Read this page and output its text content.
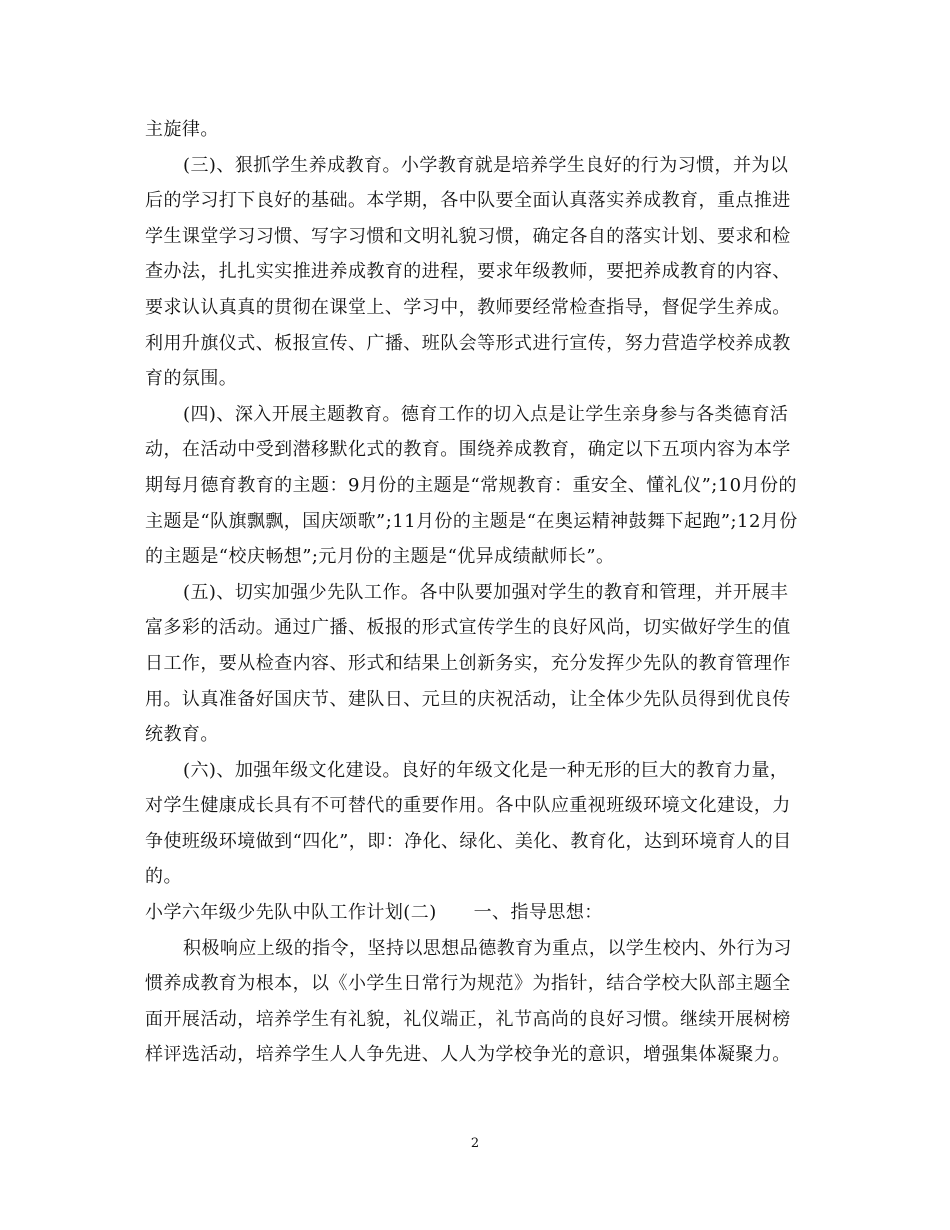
主旋律。
(三)、狠抓学生养成教育。小学教育就是培养学生良好的行为习惯，并为以
后的学习打下良好的基础。本学期，各中队要全面认真落实养成教育，重点推进
学生课堂学习习惯、写字习惯和文明礼貌习惯，确定各自的落实计划、要求和检
查办法，扎扎实实推进养成教育的进程，要求年级教师，要把养成教育的内容、
要求认认真真的贯彻在课堂上、学习中，教师要经常检查指导，督促学生养成。
利用升旗仪式、板报宣传、广播、班队会等形式进行宣传，努力营造学校养成教
育的氛围。
(四)、深入开展主题教育。德育工作的切入点是让学生亲身参与各类德育活
动，在活动中受到潜移默化式的教育。围绕养成教育，确定以下五项内容为本学
期每月德育教育的主题：9月份的主题是“常规教育：重安全、懂礼仪”;10月份的
主题是“队旗飘飘，国庆颂歌”;11月份的主题是“在奥运精神鼓舞下起跑”;12月份
的主题是“校庆畅想”;元月份的主题是“优异成绩献师长”。
(五)、切实加强少先队工作。各中队要加强对学生的教育和管理，并开展丰
富多彩的活动。通过广播、板报的形式宣传学生的良好风尚，切实做好学生的值
日工作，要从检查内容、形式和结果上创新务实，充分发挥少先队的教育管理作
用。认真准备好国庆节、建队日、元旦的庆祝活动，让全体少先队员得到优良传
统教育。
(六)、加强年级文化建设。良好的年级文化是一种无形的巨大的教育力量，
对学生健康成长具有不可替代的重要作用。各中队应重视班级环境文化建设，力
争使班级环境做到“四化”，即：净化、绿化、美化、教育化，达到环境育人的目
的。
小学六年级少先队中队工作计划(二)　　一、指导思想：
积极响应上级的指令，坚持以思想品德教育为重点，以学生校内、外行为习
惯养成教育为根本，以《小学生日常行为规范》为指针，结合学校大队部主题全
面开展活动，培养学生有礼貌，礼仪端正，礼节高尚的良好习惯。继续开展树榜
样评选活动，培养学生人人争先进、人人为学校争光的意识，增强集体凝聚力。
2
